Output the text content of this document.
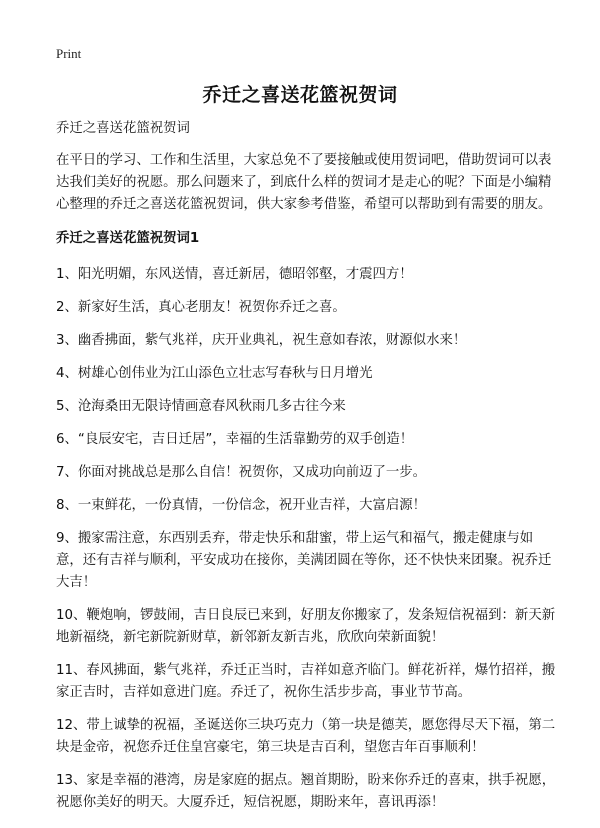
Print
乔迁之喜送花篮祝贺词

乔迁之喜送花篮祝贺词

在平日的学习、工作和生活里，大家总免不了要接触或使用贺词吧，借助贺词可以表达我们美好的祝愿。那么问题来了，到底什么样的贺词才是走心的呢？下面是小编精心整理的乔迁之喜送花篮祝贺词，供大家参考借鉴，希望可以帮助到有需要的朋友。

乔迁之喜送花篮祝贺词1

1、阳光明媚，东风送情，喜迁新居，德昭邻壑，才震四方！

2、新家好生活，真心老朋友！祝贺你乔迁之喜。

3、幽香拂面，紫气兆祥，庆开业典礼，祝生意如春浓，财源似水来！

4、树雄心创伟业为江山添色立壮志写春秋与日月增光

5、沧海桑田无限诗情画意春风秋雨几多古往今来

6、“良辰安宅，吉日迁居”，幸福的生活靠勤劳的双手创造！

7、你面对挑战总是那么自信！祝贺你，又成功向前迈了一步。

8、一束鲜花，一份真情，一份信念，祝开业吉祥，大富启源！

9、搬家需注意，东西别丢弃，带走快乐和甜蜜，带上运气和福气，搬走健康与如意，还有吉祥与顺利，平安成功在接你，美满团圆在等你，还不快快来团聚。祝乔迁大吉！

10、鞭炮响，锣鼓闹，吉日良辰已来到，好朋友你搬家了，发条短信祝福到：新天新地新福绕，新宅新院新财草，新邻新友新吉兆，欣欣向荣新面貌！

11、春风拂面，紫气兆祥，乔迁正当时，吉祥如意齐临门。鲜花祈祥，爆竹招祥，搬家正吉时，吉祥如意进门庭。乔迁了，祝你生活步步高，事业节节高。

12、带上诚挚的祝福，圣诞送你三块巧克力（第一块是德芙，愿您得尽天下福，第二块是金帝，祝您乔迁住皇宫豪宅，第三块是吉百利，望您吉年百事顺利！

13、家是幸福的港湾，房是家庭的据点。翘首期盼，盼来你乔迁的喜束，拱手祝愿，祝愿你美好的明天。大厦乔迁，短信祝愿，期盼来年，喜讯再添！
